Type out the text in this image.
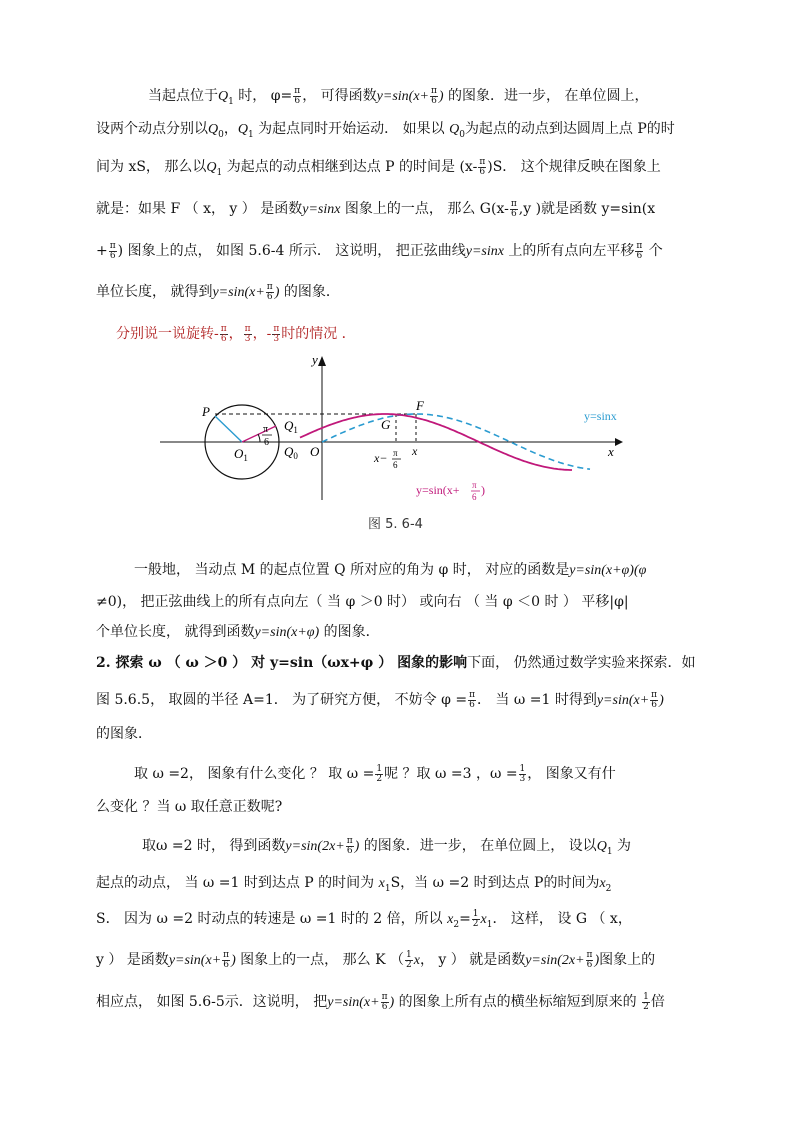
当起点位于$Q_1$ 时， $\varphi= \frac{\pi}{6}$ ， 可得函数$y=\sin(x+ \frac{\pi}{6}$ ) 的图象．进一步， 在单位圆上，
设两个动点分别以$Q_0$，$Q_1$ 为起点同时开始运动． 如果以 $Q_0$为起点的动点到达圆周上点 P的时
间为 xS， 那么以$Q_1$ 为起点的动点相继到达点 P 的时间是 $(x- \frac{\pi}{6} )S$． 这个规律反映在图象上
就是：如果 F （ x， y ） 是函数y=sinx 图象上的一点， 那么 $G(x- \frac{\pi}{6} ,y$ )就是函数 y=sin(x
+ $\frac{\pi}{6}$ ) 图象上的点， 如图 5.6-4 所示． 这说明， 把正弦曲线y=sinx 上的所有点向左平移 $\frac{\pi}{6}$ 个
单位长度， 就得到$y=\sin(x+ \frac{\pi}{6}$ ) 的图象．
分别说一说旋转- $\frac{\pi}{6}$ ， $\frac{\pi}{3}$ ，- $\frac{\pi}{3}$ 时的情况 ．
y
x
P	F
G
$Q_1$
$Q_0$
$O_1$	O
π
6
x− π
6
x
y=sinx
y=sin(x+ π
6 )
图 5. 6-4
一般地， 当动点 M 的起点位置 Q 所对应的角为 φ 时， 对应的函数是y=sin(x+φ)(φ
≠0)， 把正弦曲线上的所有点向左（ 当 φ ＞0 时） 或向右 （ 当 φ ＜0 时 ） 平移|φ|
个单位长度， 就得到函数y=sin(x+φ) 的图象．
2. 探索 ω （ ω ＞0 ） 对 y=sin（ωx+φ ） 图象的影响下面， 仍然通过数学实验来探索．如
图 5.6.5， 取圆的半径 A=1． 为了研究方便， 不妨令 $\varphi = \frac{\pi}{6}$ ． 当 ω =1 时得到$y=\sin(x+ \frac{\pi}{6}$ )
的图象．
取 ω =2， 图象有什么变化 ？ 取 $\omega = \frac{1}{2}$ 呢 ？取 ω =3 ，$\omega = \frac{1}{3}$ ， 图象又有什
么变化 ？当 ω 取任意正数呢?
取ω =2 时， 得到函数$y=\sin(2x+ \frac{\pi}{6}$ ) 的图象．进一步， 在单位圆上， 设以$Q_1$ 为
起点的动点， 当 ω =1 时到达点 P 的时间为 $x_1S$，当 ω =2 时到达点 P的时间为$x_2$
S． 因为 ω =2 时动点的转速是 ω =1 时的 2 倍，所以 $x_2= \frac{1}{2} x_1$． 这样， 设 G （ x，
y ） 是函数$y=\sin(x+ \frac{\pi}{6}$ ) 图象上的一点， 那么 K （ $\frac{1}{2}$ x， y ） 就是函数$y=\sin(2x+ \frac{\pi}{6}$ )图象上的
相应点， 如图 5.6-5示．这说明， 把$y=\sin(x+ \frac{\pi}{6}$ ) 的图象上所有点的横坐标缩短到原来的 $\frac{1}{2}$ 倍
